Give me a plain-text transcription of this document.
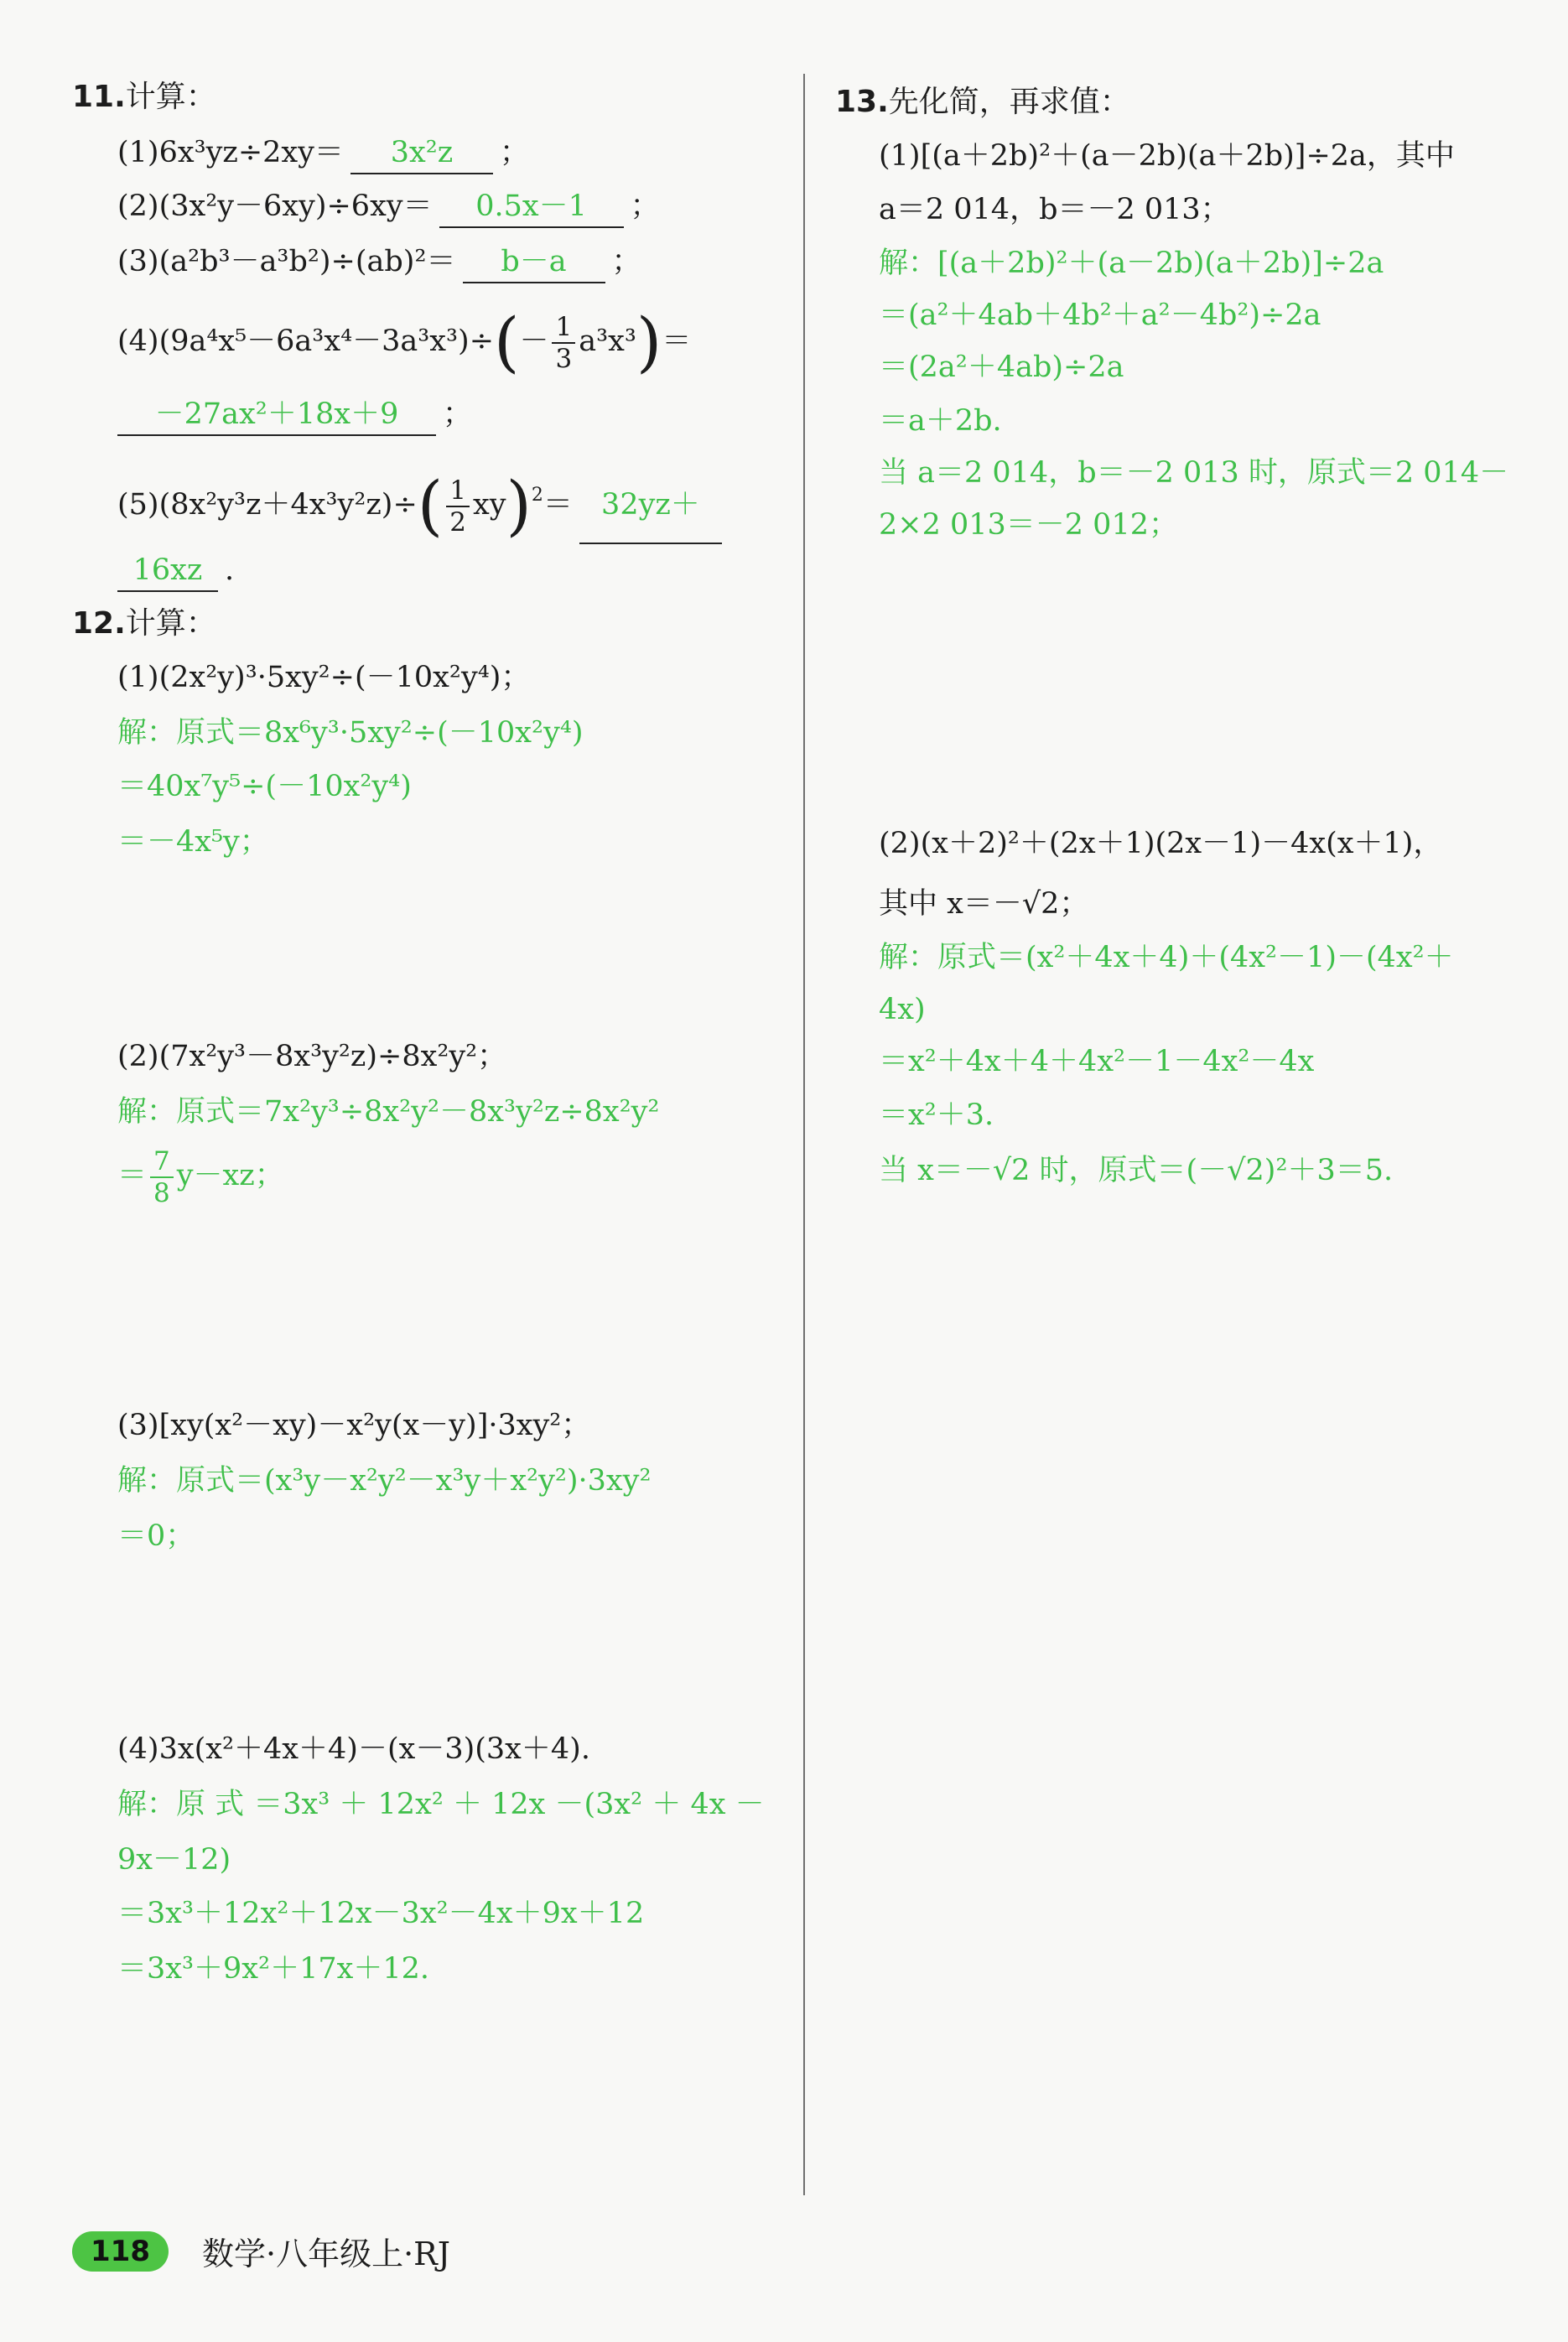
11.计算：
(1)6x³yz÷2xy＝ 3x²z ；
(2)(3x²y－6xy)÷6xy＝ 0.5x－1 ；
(3)(a²b³－a³b²)÷(ab)²＝ b－a ；
$(4)(9a^4x^5-6a^3x^4-3a^3x^3)\div(- \frac{1}{3} a^3x^3)=$
－27ax²＋18x＋9 ；
$(5)(8x^2y^3z+4x^3y^2z)\div( \frac{1}{2} xy)^2= 32yz+$
16xz .
12.计算：
(1)(2x²y)³·5xy²÷(－10x²y⁴)；
解：原式＝8x⁶y³·5xy²÷(－10x²y⁴)
＝40x⁷y⁵÷(－10x²y⁴)
＝－4x⁵y；
(2)(7x²y³－8x³y²z)÷8x²y²；
解：原式＝7x²y³÷8x²y²－8x³y²z÷8x²y²
＝ $\frac{7}{8} y-xz$；
(3)[xy(x²－xy)－x²y(x－y)]·3xy²；
解：原式＝(x³y－x²y²－x³y＋x²y²)·3xy²
＝0；
(4)3x(x²＋4x＋4)－(x－3)(3x＋4).
解：原 式 ＝3x³ ＋ 12x² ＋ 12x －(3x² ＋ 4x －
9x－12)
＝3x³＋12x²＋12x－3x²－4x＋9x＋12
＝3x³＋9x²＋17x＋12.
13.先化简，再求值：
(1)[(a＋2b)²＋(a－2b)(a＋2b)]÷2a，其中
a＝2 014，b＝－2 013；
解：[(a＋2b)²＋(a－2b)(a＋2b)]÷2a
＝(a²＋4ab＋4b²＋a²－4b²)÷2a
＝(2a²＋4ab)÷2a
＝a＋2b.
当 a＝2 014，b＝－2 013 时，原式＝2 014－
2×2 013＝－2 012；
(2)(x＋2)²＋(2x＋1)(2x－1)－4x(x＋1)，
其中 x＝－√2；
解：原式＝(x²＋4x＋4)＋(4x²－1)－(4x²＋
4x)
＝x²＋4x＋4＋4x²－1－4x²－4x
＝x²＋3.
当 x＝－√2 时，原式＝(－√2)²＋3＝5.
118	数学·八年级上·RJ
